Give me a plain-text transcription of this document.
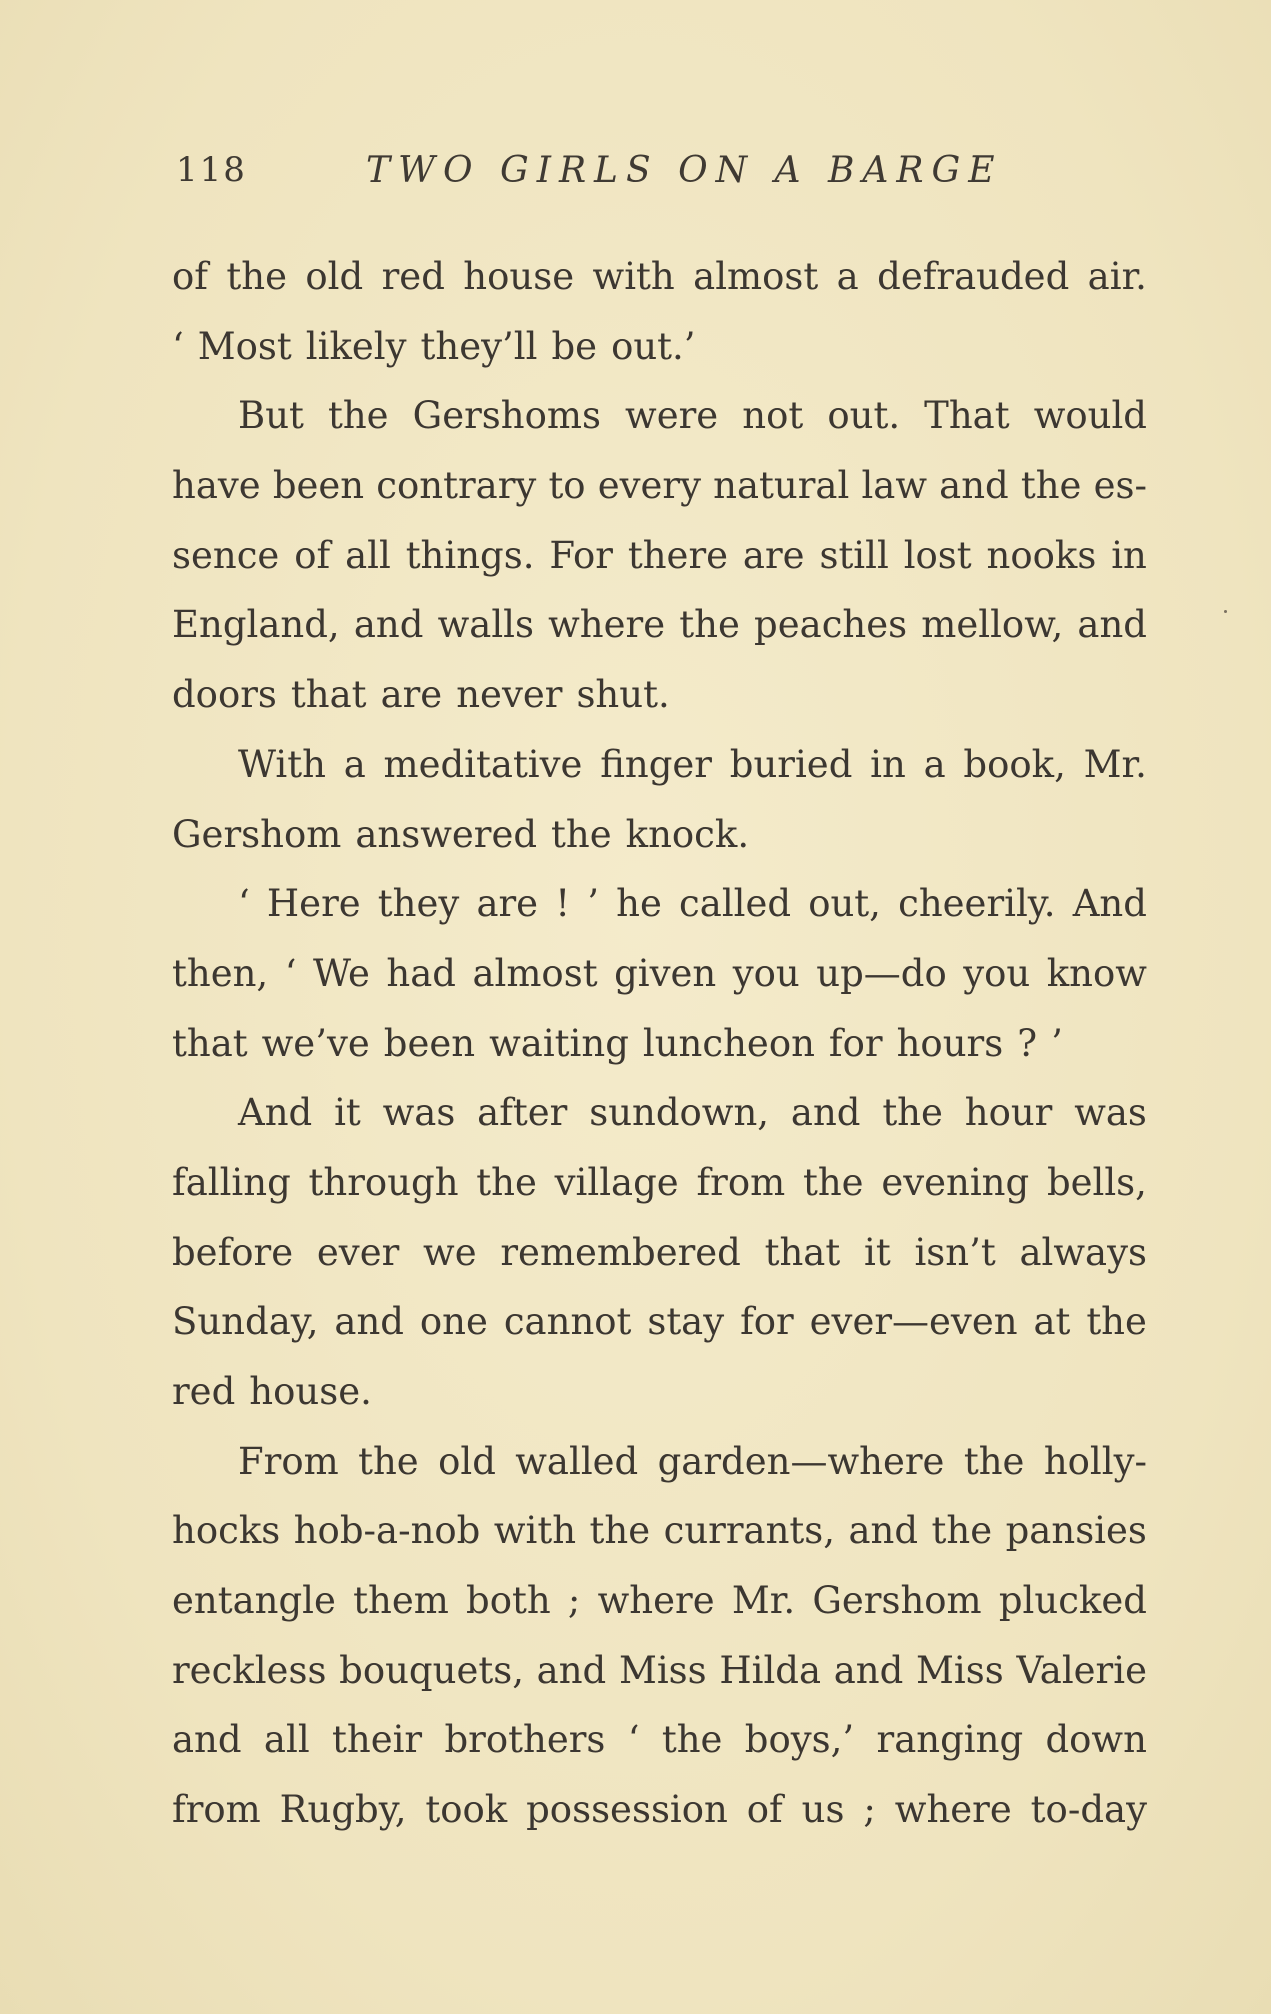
118	TWO GIRLS ON A BARGE
of the old red house with almost a defrauded air.
‘ Most likely they’ll be out.’
But the Gershoms were not out. That would
have been contrary to every natural law and the es-
sence of all things. For there are still lost nooks in
England, and walls where the peaches mellow, and
doors that are never shut.
With a meditative finger buried in a book, Mr.
Gershom answered the knock.
‘ Here they are ! ’ he called out, cheerily. And
then, ‘ We had almost given you up—do you know
that we’ve been waiting luncheon for hours ? ’
And it was after sundown, and the hour was
falling through the village from the evening bells,
before ever we remembered that it isn’t always
Sunday, and one cannot stay for ever—even at the
red house.
From the old walled garden—where the holly-
hocks hob-a-nob with the currants, and the pansies
entangle them both ; where Mr. Gershom plucked
reckless bouquets, and Miss Hilda and Miss Valerie
and all their brothers ‘ the boys,’ ranging down
from Rugby, took possession of us ; where to-day
